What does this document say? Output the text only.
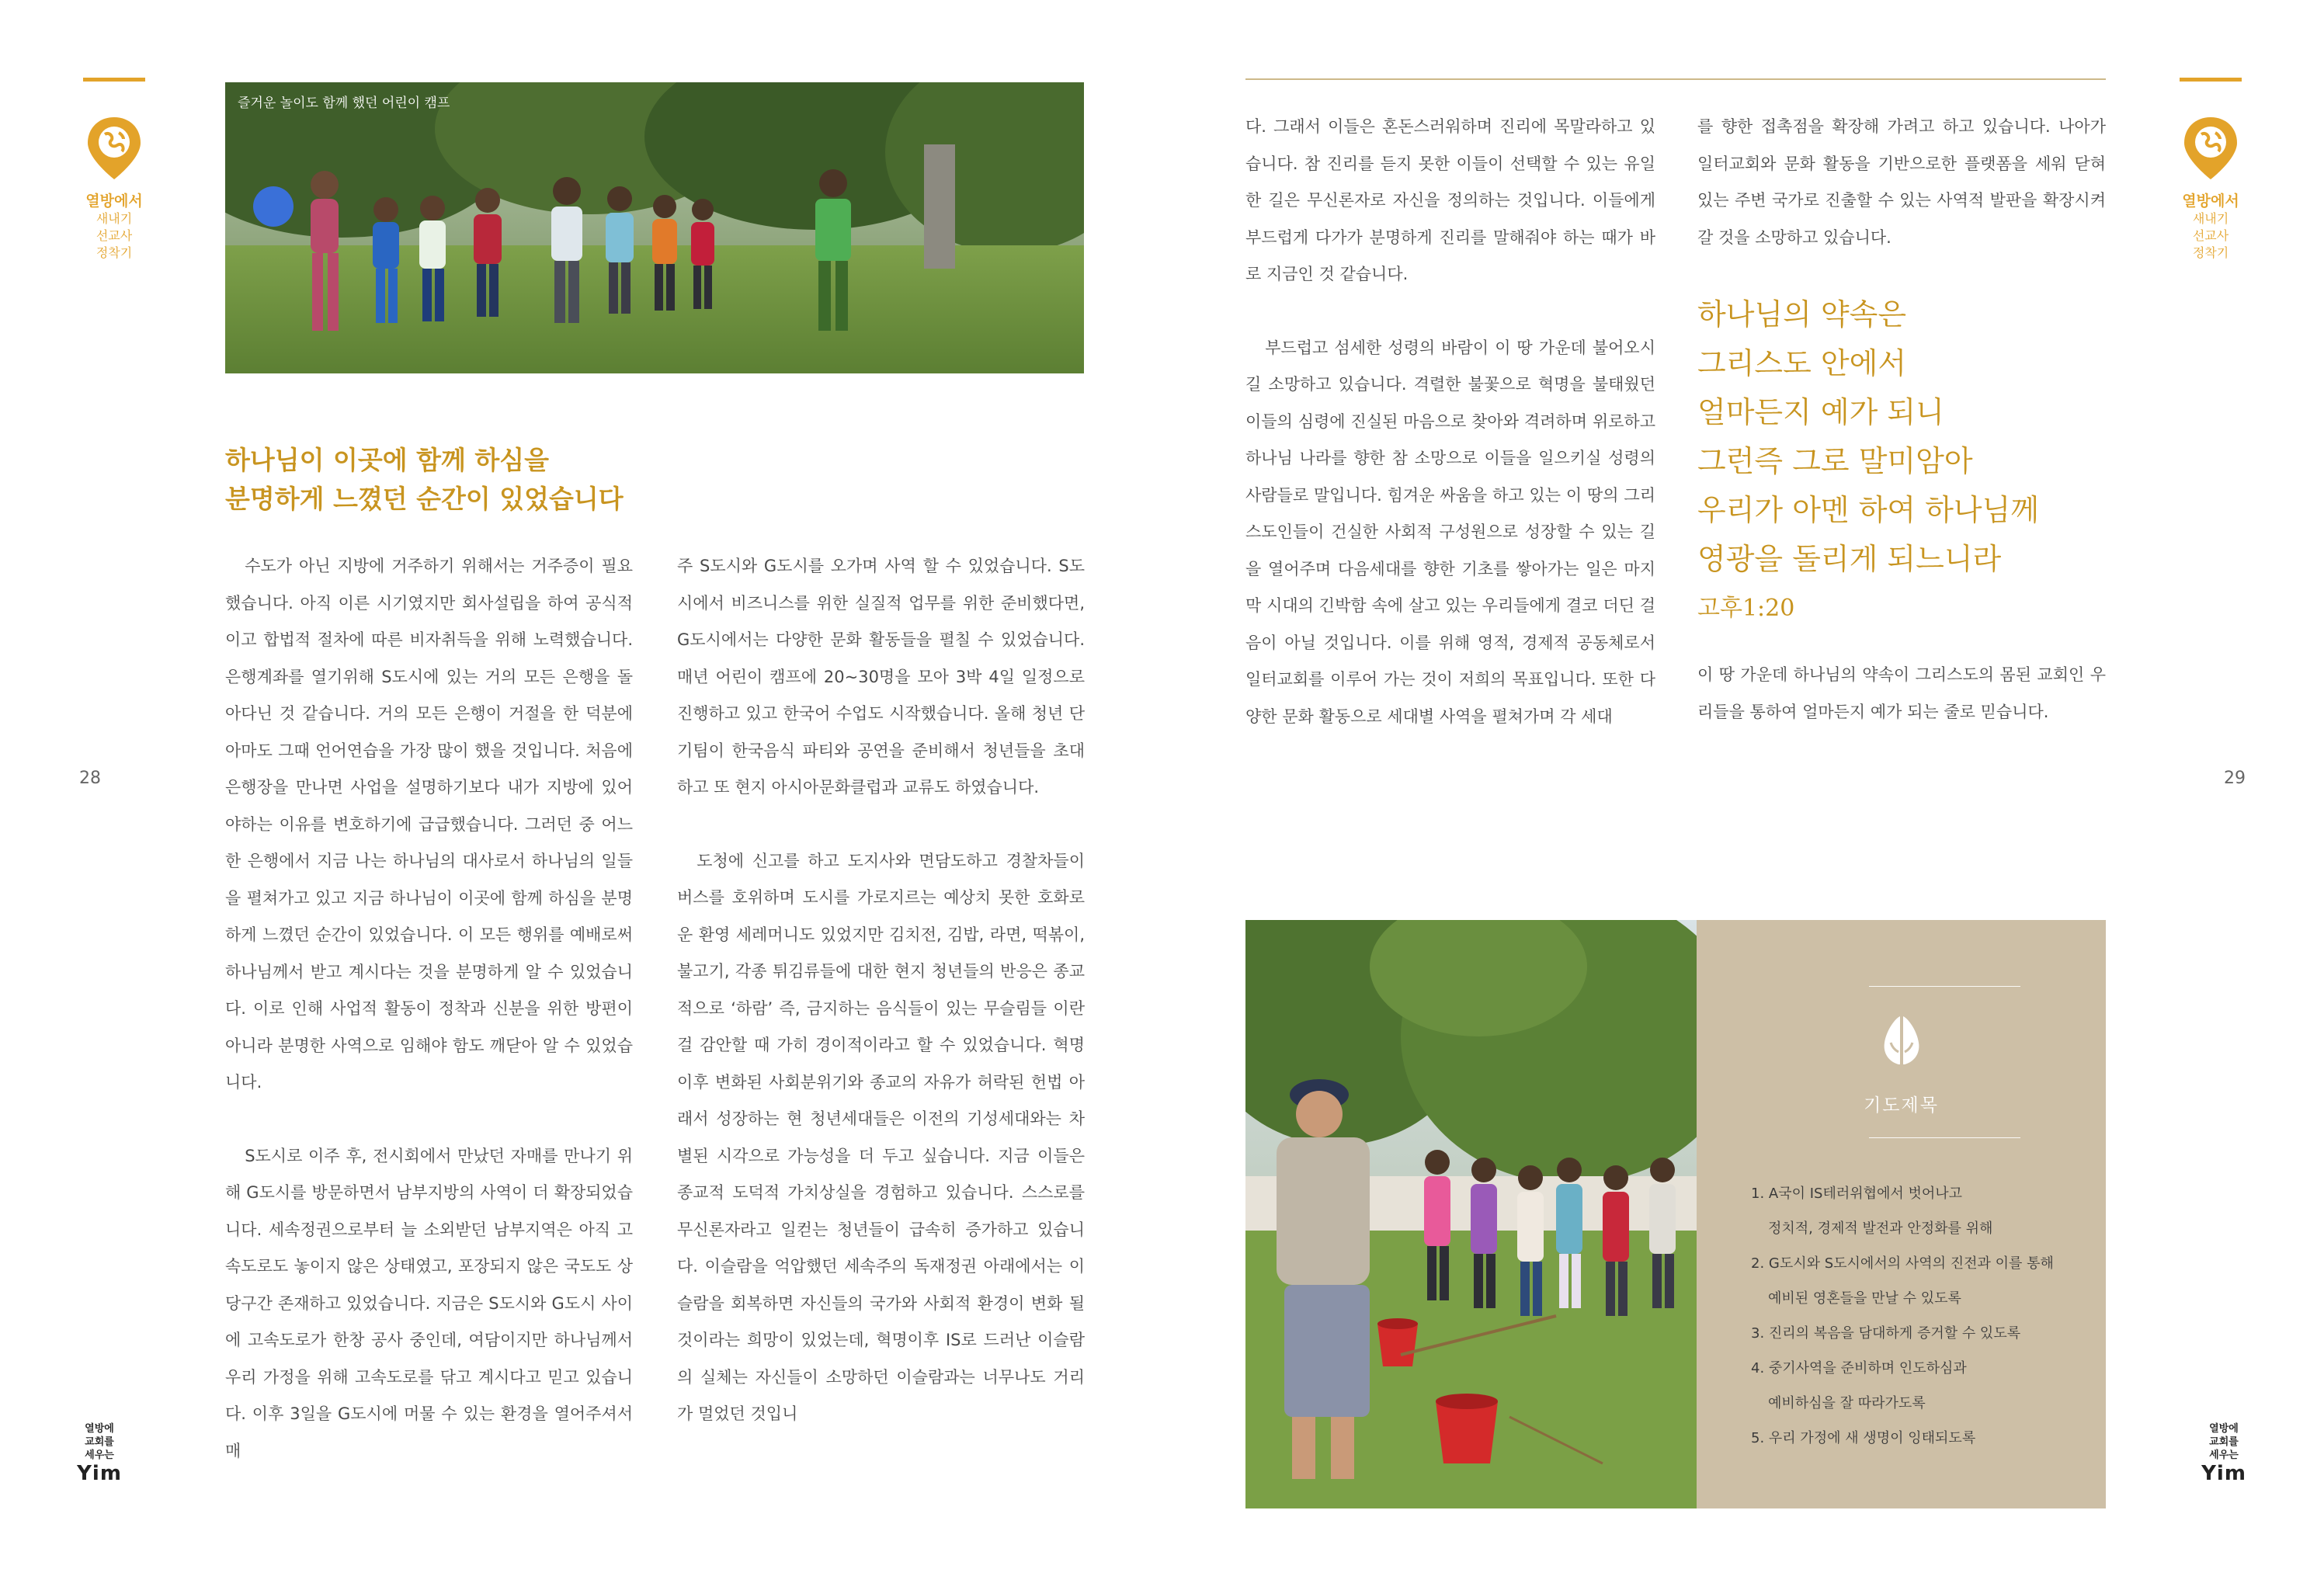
열방에서
새내기
선교사
정착기
열방에서
새내기
선교사
정착기
28	29
열방에
교회를
세우는
Yim
열방에
교회를
세우는
Yim
즐거운 놀이도 함께 했던 어린이 캠프
하나님이 이곳에 함께 하심을
분명하게 느꼈던 순간이 있었습니다

수도가 아닌 지방에 거주하기 위해서는 거주증이 필요했습니다. 아직 이른 시기였지만 회사설립을 하여 공식적이고 합법적 절차에 따른 비자취득을 위해 노력했습니다. 은행계좌를 열기위해 S도시에 있는 거의 모든 은행을 돌아다닌 것 같습니다. 거의 모든 은행이 거절을 한 덕분에 아마도 그때 언어연습을 가장 많이 했을 것입니다. 처음에 은행장을 만나면 사업을 설명하기보다 내가 지방에 있어야하는 이유를 변호하기에 급급했습니다. 그러던 중 어느 한 은행에서 지금 나는 하나님의 대사로서 하나님의 일들을 펼쳐가고 있고 지금 하나님이 이곳에 함께 하심을 분명하게 느꼈던 순간이 있었습니다. 이 모든 행위를 예배로써 하나님께서 받고 계시다는 것을 분명하게 알 수 있었습니다. 이로 인해 사업적 활동이 정착과 신분을 위한 방편이 아니라 분명한 사역으로 임해야 함도 깨닫아 알 수 있었습니다.

S도시로 이주 후, 전시회에서 만났던 자매를 만나기 위해 G도시를 방문하면서 남부지방의 사역이 더 확장되었습니다. 세속정권으로부터 늘 소외받던 남부지역은 아직 고속도로도 놓이지 않은 상태였고, 포장되지 않은 국도도 상당구간 존재하고 있었습니다. 지금은 S도시와 G도시 사이에 고속도로가 한창 공사 중인데, 여담이지만 하나님께서 우리 가정을 위해 고속도로를 닦고 계시다고 믿고 있습니다. 이후 3일을 G도시에 머물 수 있는 환경을 열어주셔서 매

주 S도시와 G도시를 오가며 사역 할 수 있었습니다. S도시에서 비즈니스를 위한 실질적 업무를 위한 준비했다면, G도시에서는 다양한 문화 활동들을 펼칠 수 있었습니다. 매년 어린이 캠프에 20~30명을 모아 3박 4일 일정으로 진행하고 있고 한국어 수업도 시작했습니다. 올해 청년 단기팀이 한국음식 파티와 공연을 준비해서 청년들을 초대하고 또 현지 아시아문화클럽과 교류도 하였습니다.

도청에 신고를 하고 도지사와 면담도하고 경찰차들이 버스를 호위하며 도시를 가로지르는 예상치 못한 호화로운 환영 세레머니도 있었지만 김치전, 김밥, 라면, 떡볶이, 불고기, 각종 튀김류들에 대한 현지 청년들의 반응은 종교적으로 ‘하람’ 즉, 금지하는 음식들이 있는 무슬림들 이란 걸 감안할 때 가히 경이적이라고 할 수 있었습니다. 혁명이후 변화된 사회분위기와 종교의 자유가 허락된 헌법 아래서 성장하는 현 청년세대들은 이전의 기성세대와는 차별된 시각으로 가능성을 더 두고 싶습니다. 지금 이들은 종교적 도덕적 가치상실을 경험하고 있습니다. 스스로를 무신론자라고 일컫는 청년들이 급속히 증가하고 있습니다. 이슬람을 억압했던 세속주의 독재정권 아래에서는 이슬람을 회복하면 자신들의 국가와 사회적 환경이 변화 될 것이라는 희망이 있었는데, 혁명이후 IS로 드러난 이슬람의 실체는 자신들이 소망하던 이슬람과는 너무나도 거리가 멀었던 것입니

다. 그래서 이들은 혼돈스러워하며 진리에 목말라하고 있습니다. 참 진리를 듣지 못한 이들이 선택할 수 있는 유일한 길은 무신론자로 자신을 정의하는 것입니다. 이들에게 부드럽게 다가가 분명하게 진리를 말해줘야 하는 때가 바로 지금인 것 같습니다.

부드럽고 섬세한 성령의 바람이 이 땅 가운데 불어오시길 소망하고 있습니다. 격렬한 불꽃으로 혁명을 불태웠던 이들의 심령에 진실된 마음으로 찾아와 격려하며 위로하고 하나님 나라를 향한 참 소망으로 이들을 일으키실 성령의 사람들로 말입니다. 힘겨운 싸움을 하고 있는 이 땅의 그리스도인들이 건실한 사회적 구성원으로 성장할 수 있는 길을 열어주며 다음세대를 향한 기초를 쌓아가는 일은 마지막 시대의 긴박함 속에 살고 있는 우리들에게 결코 더딘 걸음이 아닐 것입니다. 이를 위해 영적, 경제적 공동체로서 일터교회를 이루어 가는 것이 저희의 목표입니다. 또한 다양한 문화 활동으로 세대별 사역을 펼쳐가며 각 세대

를 향한 접촉점을 확장해 가려고 하고 있습니다. 나아가 일터교회와 문화 활동을 기반으로한 플랫폼을 세워 닫혀있는 주변 국가로 진출할 수 있는 사역적 발판을 확장시켜 갈 것을 소망하고 있습니다.

하나님의 약속은
그리스도 안에서
얼마든지 예가 되니
그런즉 그로 말미암아
우리가 아멘 하여 하나님께
영광을 돌리게 되느니라
고후1:20

이 땅 가운데 하나님의 약속이 그리스도의 몸된 교회인 우리들을 통하여 얼마든지 예가 되는 줄로 믿습니다.

기도제목
1. A국이 IS테러위협에서 벗어나고
정치적, 경제적 발전과 안정화를 위해
2. G도시와 S도시에서의 사역의 진전과 이를 통해
예비된 영혼들을 만날 수 있도록
3. 진리의 복음을 담대하게 증거할 수 있도록
4. 중기사역을 준비하며 인도하심과
예비하심을 잘 따라가도록
5. 우리 가정에 새 생명이 잉태되도록
